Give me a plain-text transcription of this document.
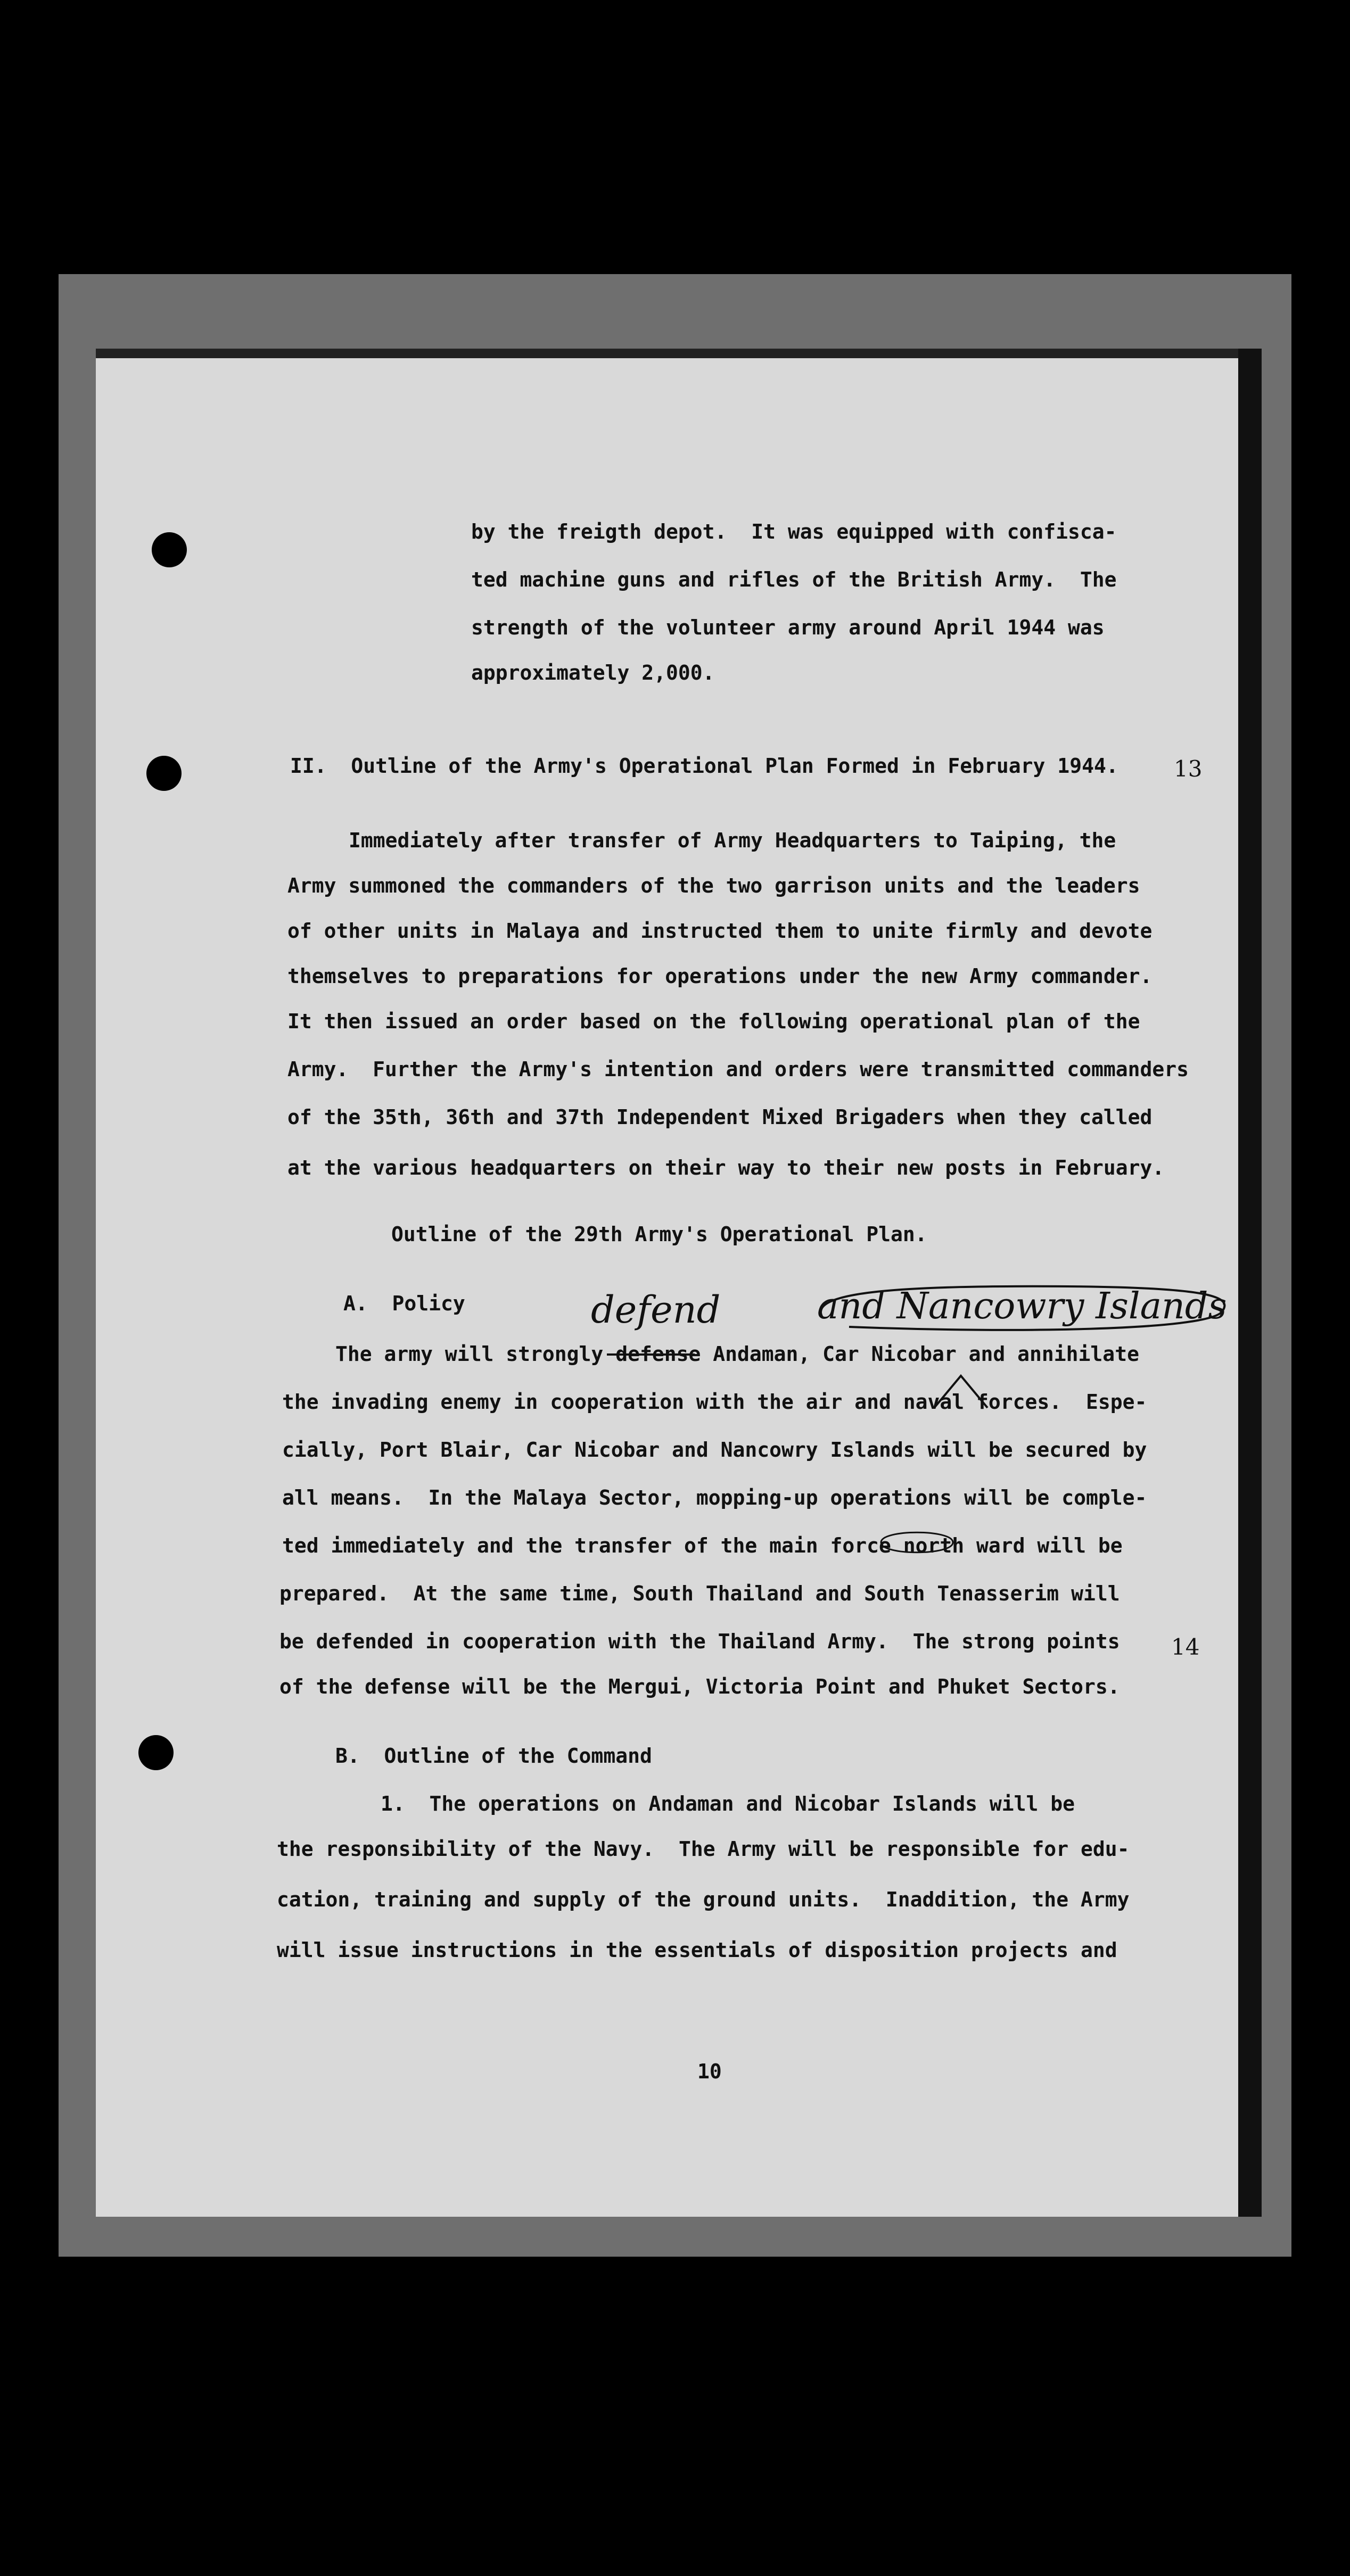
by the freigth depot.  It was equipped with confisca-
ted machine guns and rifles of the British Army.  The
strength of the volunteer army around April 1944 was
approximately 2,000.
II.  Outline of the Army's Operational Plan Formed in February 1944. 13
Immediately after transfer of Army Headquarters to Taiping, the
Army summoned the commanders of the two garrison units and the leaders
of other units in Malaya and instructed them to unite firmly and devote
themselves to preparations for operations under the new Army commander.
It then issued an order based on the following operational plan of the
Army.  Further the Army's intention and orders were transmitted commanders
of the 35th, 36th and 37th Independent Mixed Brigaders when they called
at the various headquarters on their way to their new posts in February.
Outline of the 29th Army's Operational Plan.
A.  Policy	defend	and Nancowry Islands
The army will strongly defense Andaman, Car Nicobar and annihilate
the invading enemy in cooperation with the air and naval forces.  Espe-
cially, Port Blair, Car Nicobar and Nancowry Islands will be secured by
all means.  In the Malaya Sector, mopping-up operations will be comple-
ted immediately and the transfer of the main force north ward will be
prepared.  At the same time, South Thailand and South Tenasserim will
be defended in cooperation with the Thailand Army.  The strong points
of the defense will be the Mergui, Victoria Point and Phuket Sectors.
14
B.  Outline of the Command
1.  The operations on Andaman and Nicobar Islands will be
the responsibility of the Navy.  The Army will be responsible for edu-
cation, training and supply of the ground units.  Inaddition, the Army
will issue instructions in the essentials of disposition projects and
10
